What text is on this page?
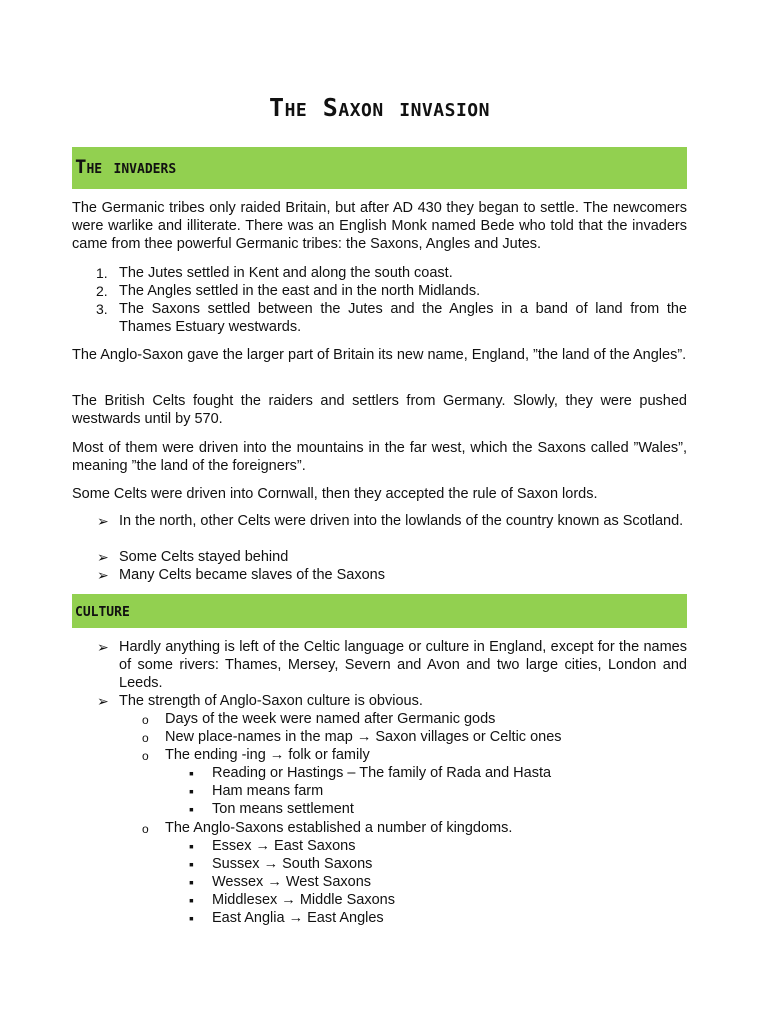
The Saxon invasion
The invaders
The Germanic tribes only raided Britain, but after AD 430 they began to settle. The newcomers were warlike and illiterate. There was an English Monk named Bede who told that the invaders came from thee powerful Germanic tribes: the Saxons, Angles and Jutes.
1. The Jutes settled in Kent and along the south coast.
2. The Angles settled in the east and in the north Midlands.
3. The Saxons settled between the Jutes and the Angles in a band of land from the Thames Estuary westwards.
The Anglo-Saxon gave the larger part of Britain its new name, England, ”the land of the Angles”.
The British Celts fought the raiders and settlers from Germany. Slowly, they were pushed westwards until by 570.
Most of them were driven into the mountains in the far west, which the Saxons called ”Wales”, meaning ”the land of the foreigners”.
Some Celts were driven into Cornwall, then they accepted the rule of Saxon lords.
➢ In the north, other Celts were driven into the lowlands of the country known as Scotland.
➢ Some Celts stayed behind
➢ Many Celts became slaves of the Saxons
culture
➢ Hardly anything is left of the Celtic language or culture in England, except for the names of some rivers: Thames, Mersey, Severn and Avon and two large cities, London and Leeds.
➢ The strength of Anglo-Saxon culture is obvious.
o Days of the week were named after Germanic gods
o New place-names in the map → Saxon villages or Celtic ones
o The ending -ing → folk or family
▪ Reading or Hastings – The family of Rada and Hasta
▪ Ham means farm
▪ Ton means settlement
o The Anglo-Saxons established a number of kingdoms.
▪ Essex → East Saxons
▪ Sussex → South Saxons
▪ Wessex → West Saxons
▪ Middlesex → Middle Saxons
▪ East Anglia → East Angles
